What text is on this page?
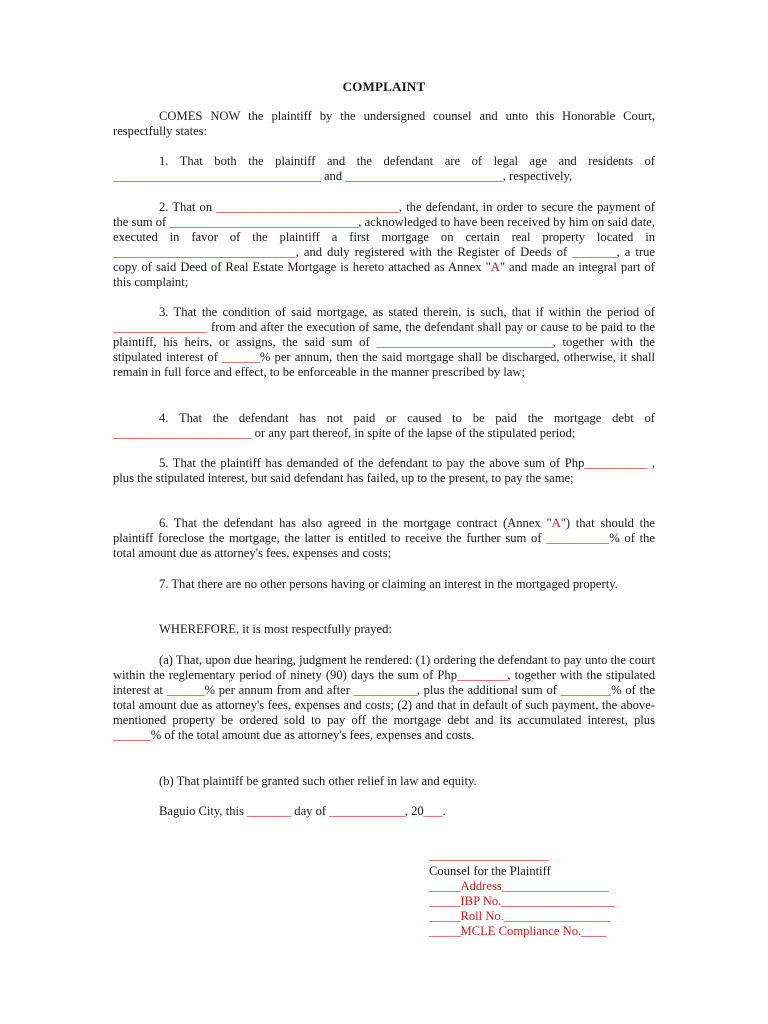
COMPLAINT

COMES NOW the plaintiff by the undersigned counsel and unto this Honorable Court, respectfully states:

1. That both the plaintiff and the defendant are of legal age and residents of _________________________________ and _________________________, respectively,

2. That on _____________________________, the defendant, in order to secure the payment of the sum of ______________________________, acknowledged to have been received by him on said date, executed in favor of the plaintiff a first mortgage on certain real property located in _____________________________, and duly registered with the Register of Deeds of _______, a true copy of said Deed of Real Estate Mortgage is hereto attached as Annex "A" and made an integral part of this complaint;

3. That the condition of said mortgage, as stated therein, is such, that if within the period of _______________ from and after the execution of same, the defendant shall pay or cause to be paid to the plaintiff, his heirs, or assigns, the said sum of ____________________________, together with the stipulated interest of ______% per annum, then the said mortgage shall be discharged, otherwise, it shall remain in full force and effect, to be enforceable in the manner prescribed by law;

4. That the defendant has not paid or caused to be paid the mortgage debt of ______________________ or any part thereof, in spite of the lapse of the stipulated period;

5. That the plaintiff has demanded of the defendant to pay the above sum of Php__________ , plus the stipulated interest, but said defendant has failed, up to the present, to pay the same;

6. That the defendant has also agreed in the mortgage contract (Annex "A") that should the plaintiff foreclose the mortgage, the latter is entitled to receive the further sum of __________% of the total amount due as attorney's fees, expenses and costs;

7. That there are no other persons having or claiming an interest in the mortgaged property.

WHEREFORE, it is most respectfully prayed:

(a) That, upon due hearing, judgment he rendered: (1) ordering the defendant to pay unto the court within the reglementary period of ninety (90) days the sum of Php________, together with the stipulated interest at ______% per annum from and after __________, plus the additional sum of ________% of the total amount due as attorney's fees, expenses and costs; (2) and that in default of such payment, the above-mentioned property be ordered sold to pay off the mortgage debt and its accumulated interest, plus ______% of the total amount due as attorney's fees, expenses and costs.

(b) That plaintiff be granted such other relief in law and equity.

Baguio City, this _______ day of ____________, 20___.

___________________

Counsel for the Plaintiff

_____Address_________________

_____IBP No.__________________

_____Roll No._________________

_____MCLE Compliance No.____
